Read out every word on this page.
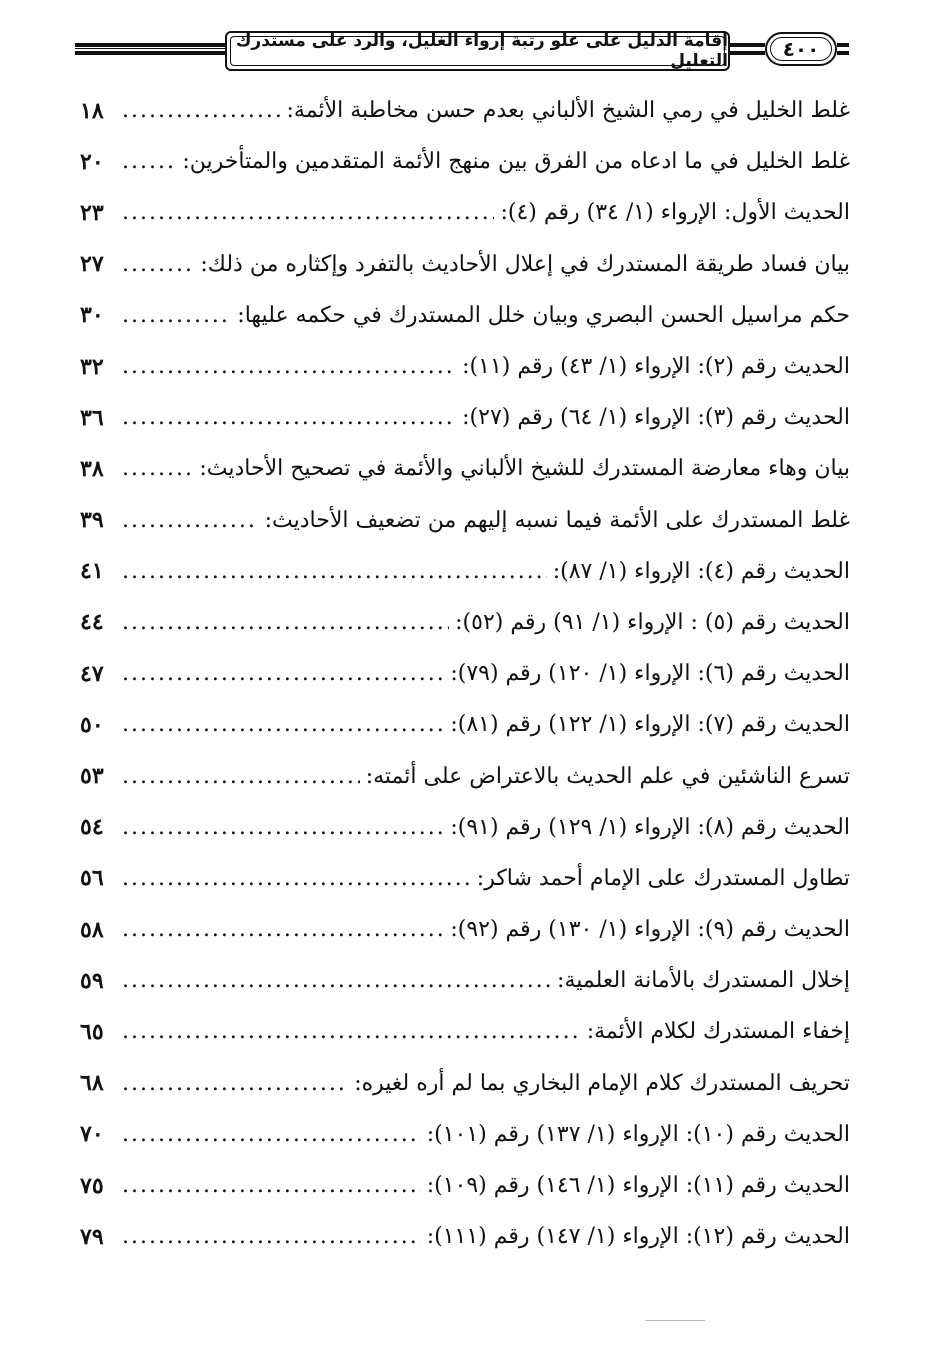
إقامة الدليل على علو رتبة إرواء الغليل، والرد على مستدرك التعليل	٤٠٠
غلط الخليل في رمي الشيخ الألباني بعدم حسن مخاطبة الأئمة:
.....
١٨
غلط الخليل في ما ادعاه من الفرق بين منهج الأئمة المتقدمين والمتأخرين:
.....
٢٠
الحديث الأول: الإرواء (١/ ٣٤) رقم (٤):
.....
٢٣
بيان فساد طريقة المستدرك في إعلال الأحاديث بالتفرد وإكثاره من ذلك:
.....
٢٧
حكم مراسيل الحسن البصري وبيان خلل المستدرك في حكمه عليها:
.....
٣٠
الحديث رقم (٢): الإرواء (١/ ٤٣) رقم (١١):
.....
٣٢
الحديث رقم (٣): الإرواء (١/ ٦٤) رقم (٢٧):
.....
٣٦
بيان وهاء معارضة المستدرك للشيخ الألباني والأئمة في تصحيح الأحاديث:
.....
٣٨
غلط المستدرك على الأئمة فيما نسبه إليهم من تضعيف الأحاديث:
.....
٣٩
الحديث رقم (٤): الإرواء (١/ ٨٧):
.....
٤١
الحديث رقم (٥) : الإرواء (١/ ٩١) رقم (٥٢):
.....
٤٤
الحديث رقم (٦): الإرواء (١/ ١٢٠) رقم (٧٩):
.....
٤٧
الحديث رقم (٧): الإرواء (١/ ١٢٢) رقم (٨١):
.....
٥٠
تسرع الناشئين في علم الحديث بالاعتراض على أئمته:
.....
٥٣
الحديث رقم (٨): الإرواء (١/ ١٢٩) رقم (٩١):
.....
٥٤
تطاول المستدرك على الإمام أحمد شاكر:
.....
٥٦
الحديث رقم (٩): الإرواء (١/ ١٣٠) رقم (٩٢):
.....
٥٨
إخلال المستدرك بالأمانة العلمية:
.....
٥٩
إخفاء المستدرك لكلام الأئمة:
.....
٦٥
تحريف المستدرك كلام الإمام البخاري بما لم أره لغيره:
.....
٦٨
الحديث رقم (١٠): الإرواء (١/ ١٣٧) رقم (١٠١):
.....
٧٠
الحديث رقم (١١): الإرواء (١/ ١٤٦) رقم (١٠٩):
.....
٧٥
الحديث رقم (١٢): الإرواء (١/ ١٤٧) رقم (١١١):
.....
٧٩
